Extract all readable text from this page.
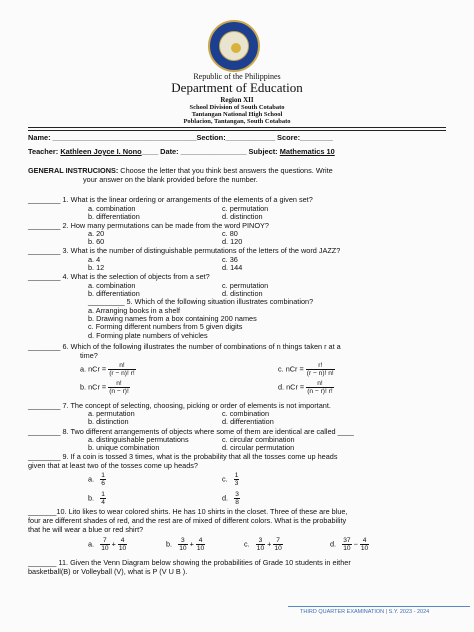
Republic of the Philippines
Department of Education
Region XII
School Division of South Cotabato
Tantangan National High School
Poblacion, Tantangan, South Cotabato
Name: ___________________________________Section:____________ Score:________
Teacher: Kathleen Joyce I. Nono____ Date: ________________ Subject: Mathematics 10
GENERAL INSTRUCIONS: Choose the letter that you think best answers the questions. Write
your answer on the blank provided before the number.
________ 1. What is the linear ordering or arrangements of the elements of a given set?
a. combination	c. permutation
b. differentiation	d. distinction
________ 2. How many permutations can be made from the word PINOY?
a. 20	c. 80
b. 60	d. 120
________ 3. What is the number of distinguishable permutations of the letters of the word JAZZ?
a. 4	c. 36
b. 12	d. 144
________ 4. What is the selection of objects from a set?
a. combination	c. permutation
b. differentiation	d. distinction
_________ 5. Which of the following situation illustrates combination?
a. Arranging books in a shelf
b. Drawing names from a box containing 200 names
c. Forming different numbers from 5 given digits
d. Forming plate numbers of vehicles
________ 6. Which of the following illustrates the number of combinations of n things taken r at a
time?
a. nCr = $\frac{n!}{(r - n)! r!}$	c. nCr = $\frac{r!}{(r - n)! n!}$
b. nCr = $\frac{n!}{(n - r)!}$	d. nCr = $\frac{n!}{(n - r)! r!}$
________ 7. The concept of selecting, choosing, picking or order of elements is not important.
a. permutation	c. combination
b. distinction	d. differentiation
________ 8. Two different arrangements of objects where some of them are identical are called ____
a. distinguishable permutations	c. circular combination
b. unique combination	d. circular permutation
________ 9. If a coin is tossed 3 times, what is the probability that all the tosses come up heads
given that at least two of the tosses come up heads?
a. $\frac{1}{6}$	c. $\frac{1}{3}$
b. $\frac{1}{4}$	d. $\frac{3}{8}$
_______10. Lito likes to wear colored shirts. He has 10 shirts in the closet. Three of these are blue,
four are different shades of red, and the rest are of mixed of different colors. What is the probability
that he will wear a blue or red shirt?
a. $\frac{7}{10} + \frac{4}{10}$	b. $\frac{3}{10} + \frac{4}{10}$	c. $\frac{3}{10} + \frac{7}{10}$	d. $\frac{37}{10} - \frac{4}{10}$
_______ 11. Given the Venn Diagram below showing the probabilities of Grade 10 students in either
basketball(B) or Volleyball (V), what is P (V U B ).
THIRD QUARTER EXAMINATION | S.Y. 2023 - 2024
